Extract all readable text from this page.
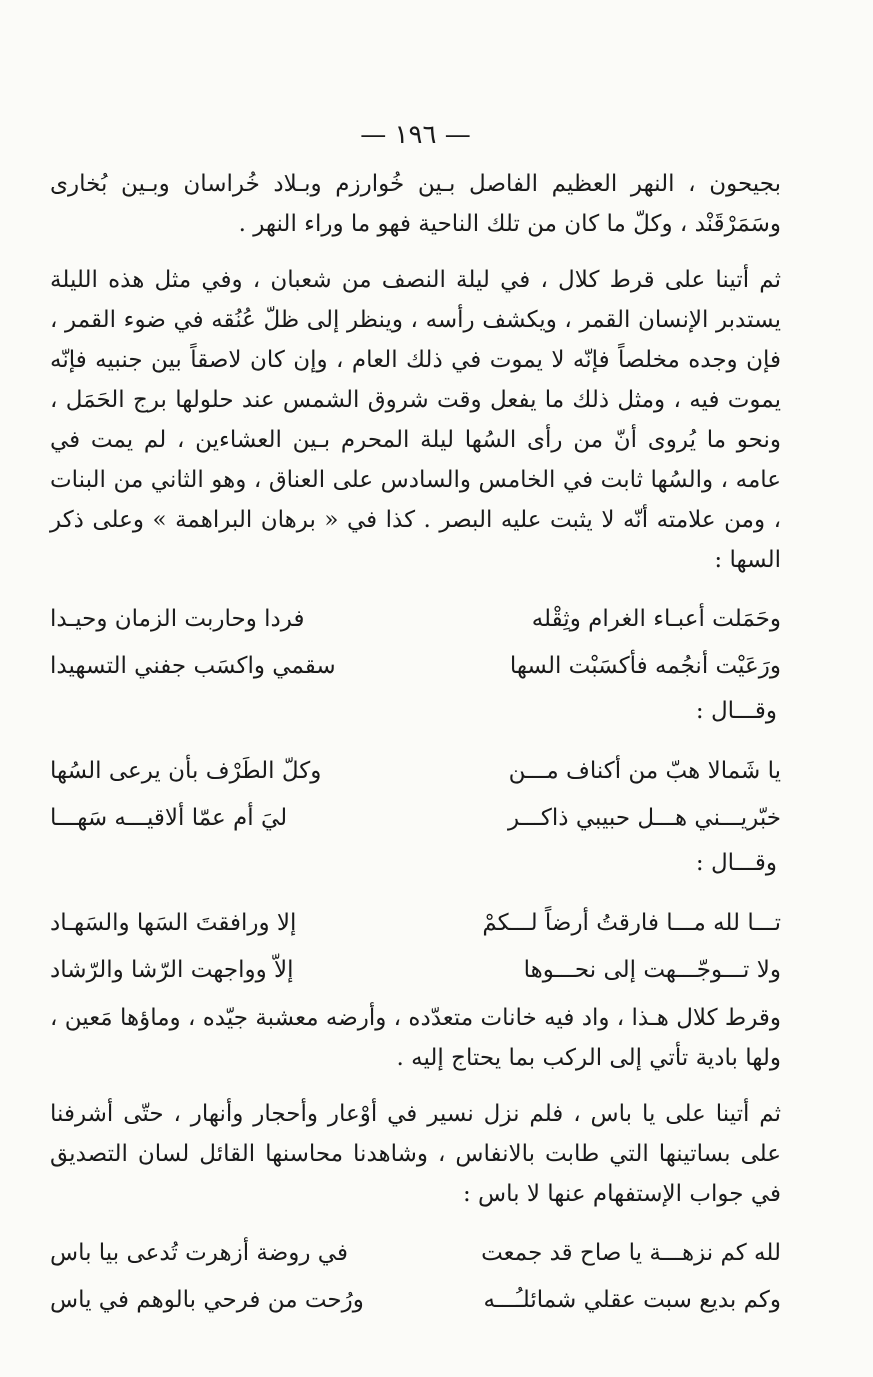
— ١٩٦ —

بجيحون ، النهر العظيم الفاصل بـين خُوارزم وبـلاد خُراسان وبـين بُخارى وسَمَرْقَنْد ، وكلّ ما كان من تلك الناحية فهو ما وراء النهر .

ثم أتينا على قرط كلال ، في ليلة النصف من شعبان ، وفي مثل هذه الليلة يستدبر الإنسان القمر ، ويكشف رأسه ، وينظر إلى ظلّ عُنُقه في ضوء القمر ، فإن وجده مخلصاً فإنّه لا يموت في ذلك العام ، وإن كان لاصقاً بين جنبيه فإنّه يموت فيه ، ومثل ذلك ما يفعل وقت شروق الشمس عند حلولها برج الحَمَل ، ونحو ما يُروى أنّ من رأى السُها ليلة المحرم بـين العشاءين ، لم يمت في عامه ، والسُها ثابت في الخامس والسادس على العناق ، وهو الثاني من البنات ، ومن علامته أنّه لا يثبت عليه البصر . كذا في « برهان البراهمة » وعلى ذكر السها :

وحَمَلت أعبـاء الغرام وثِقْله
فردا وحاربت الزمان وحيـدا
ورَعَيْت أنجُمه فأكسَبْت السها
سقمي واكسَب جفني التسهيدا
وقـــال :
يا شَمالا هبّ من أكناف مـــن
وكلّ الطَرْف بأن يرعى السُها
خبّريـــني هـــل حبيبي ذاكـــر
ليَ أم عمّا ألاقيـــه سَهـــا
وقـــال :
تـــا لله مـــا فارقتُ أرضاً لـــكمْ
إلا ورافقتَ السَها والسَهـاد
ولا تـــوجّـــهت إلى نحـــوها
إلاّ وواجهت الرّشا والرّشاد

وقرط كلال هـذا ، واد فيه خانات متعدّده ، وأرضه معشبة جيّده ، وماؤها مَعين ، ولها بادية تأتي إلى الركب بما يحتاج إليه .

ثم أتينا على يا باس ، فلم نزل نسير في أوْعار وأحجار وأنهار ، حتّى أشرفنا على بساتينها التي طابت بالانفاس ، وشاهدنا محاسنها القائل لسان التصديق في جواب الإستفهام عنها لا باس :

لله كم نزهـــة يا صاح قد جمعت
في روضة أزهرت تُدعى بيا باس
وكم بديع سبت عقلي شمائلـُـــه
ورُحت من فرحي بالوهم في ياس
